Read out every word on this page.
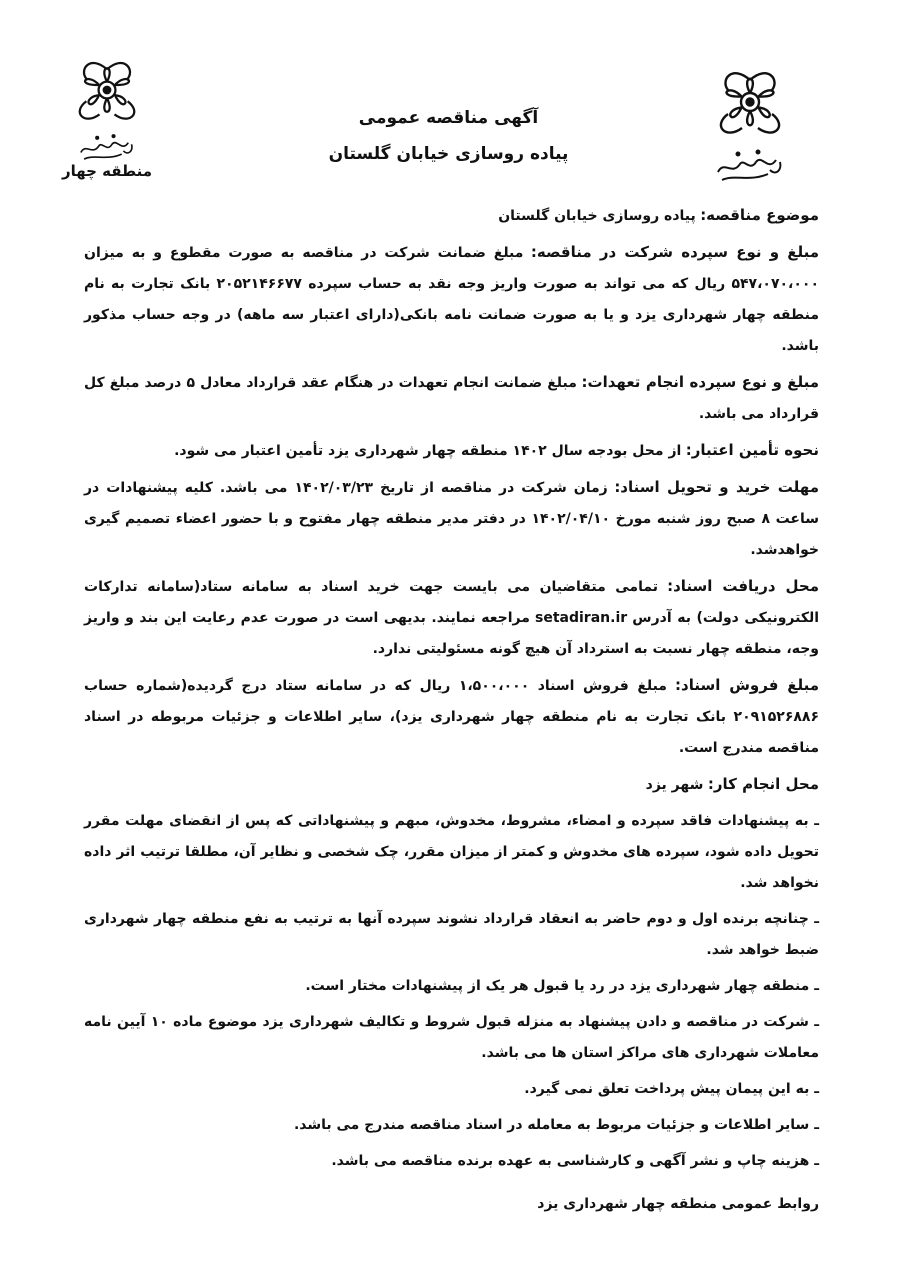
منطقه چهار

آگهی مناقصه عمومی

پیاده روسازی خیابان گلستان

موضوع مناقصه: پیاده روسازی خیابان گلستان

مبلغ و نوع سپرده شرکت در مناقصه: مبلغ ضمانت شرکت در مناقصه به صورت مقطوع و به میزان ۵۴۷،۰۷۰،۰۰۰ ریال که می تواند به صورت واریز وجه نقد به حساب سپرده ۲۰۵۲۱۴۶۶۷۷ بانک تجارت به نام منطقه چهار شهرداری یزد و یا به صورت ضمانت نامه بانکی(دارای اعتبار سه ماهه) در وجه حساب مذکور باشد.

مبلغ و نوع سپرده انجام تعهدات: مبلغ ضمانت انجام تعهدات در هنگام عقد قرارداد معادل ۵ درصد مبلغ کل قرارداد می باشد.

نحوه تأمین اعتبار: از محل بودجه سال ۱۴۰۲ منطقه چهار شهرداری یزد تأمین اعتبار می شود.

مهلت خرید و تحویل اسناد: زمان شرکت در مناقصه از تاریخ ۱۴۰۲/۰۳/۲۳ می باشد. کلیه پیشنهادات در ساعت ۸ صبح روز شنبه مورخ ۱۴۰۲/۰۴/۱۰ در دفتر مدیر منطقه چهار مفتوح و با حضور اعضاء تصمیم گیری خواهدشد.

محل دریافت اسناد: تمامی متقاضیان می بایست جهت خرید اسناد به سامانه ستاد(سامانه تدارکات الکترونیکی دولت) به آدرس setadiran.ir مراجعه نمایند. بدیهی است در صورت عدم رعایت این بند و واریز وجه، منطقه چهار نسبت به استرداد آن هیچ گونه مسئولیتی ندارد.

مبلغ فروش اسناد: مبلغ فروش اسناد ۱،۵۰۰،۰۰۰ ریال که در سامانه ستاد درج گردیده(شماره حساب ۲۰۹۱۵۲۶۸۸۶ بانک تجارت به نام منطقه چهار شهرداری یزد)، سایر اطلاعات و جزئیات مربوطه در اسناد مناقصه مندرج است.

محل انجام کار: شهر یزد

ـ به پیشنهادات فاقد سپرده و امضاء، مشروط، مخدوش، مبهم و پیشنهاداتی که پس از انقضای مهلت مقرر تحویل داده شود، سپرده های مخدوش و کمتر از میزان مقرر، چک شخصی و نظایر آن، مطلقا ترتیب اثر داده نخواهد شد.
ـ چنانچه برنده اول و دوم حاضر به انعقاد قرارداد نشوند سپرده آنها به ترتیب به نفع منطقه چهار شهرداری ضبط خواهد شد.
ـ منطقه چهار شهرداری یزد در رد یا قبول هر یک از پیشنهادات مختار است.
ـ شرکت در مناقصه و دادن پیشنهاد به منزله قبول شروط و تکالیف شهرداری یزد موضوع ماده ۱۰ آیین نامه معاملات شهرداری های مراکز استان ها می باشد.
ـ به این پیمان پیش پرداخت تعلق نمی گیرد.
ـ سایر اطلاعات و جزئیات مربوط به معامله در اسناد مناقصه مندرج می باشد.
ـ هزینه چاپ و نشر آگهی و کارشناسی به عهده برنده مناقصه می باشد.
روابط عمومی منطقه چهار شهرداری یزد
